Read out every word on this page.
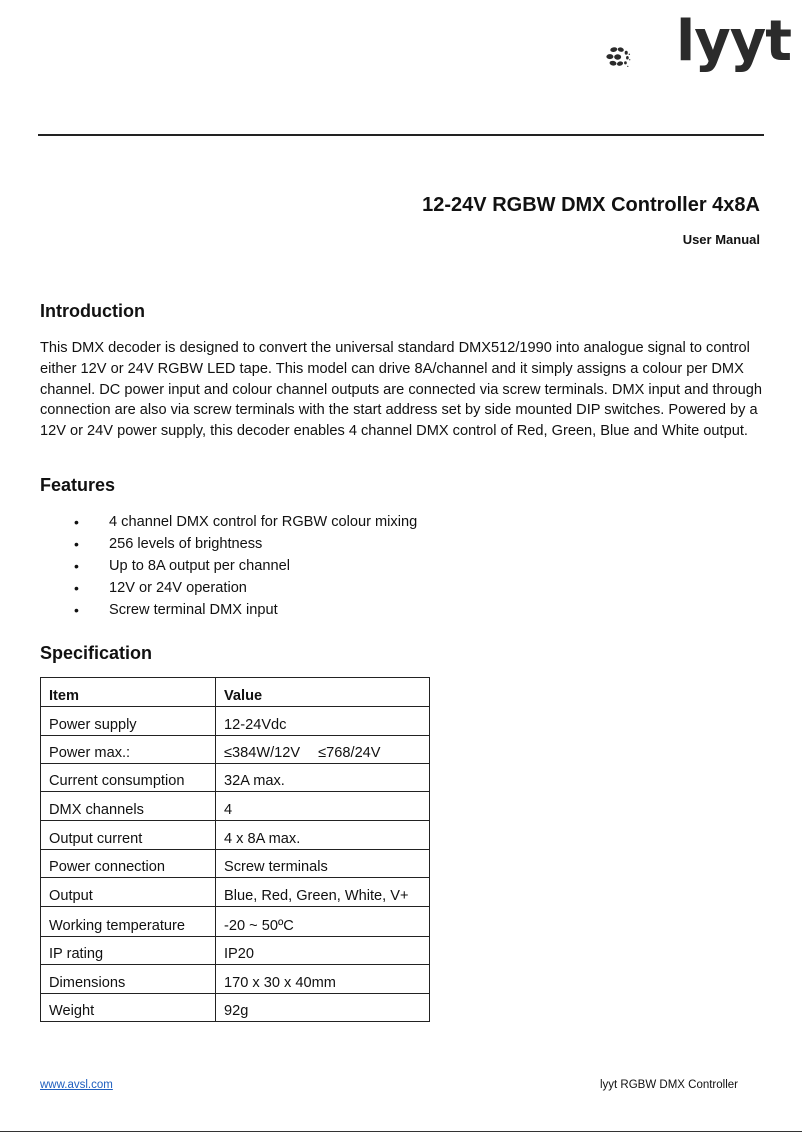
lyyt
12-24V RGBW DMX Controller 4x8A
User Manual
Introduction
This DMX decoder is designed to convert the universal standard DMX512/1990 into analogue signal to control either 12V or 24V RGBW LED tape. This model can drive 8A/channel and it simply assigns a colour per DMX channel. DC power input and colour channel outputs are connected via screw terminals. DMX input and through connection are also via screw terminals with the start address set by side mounted DIP switches. Powered by a 12V or 24V power supply, this decoder enables 4 channel DMX control of Red, Green, Blue and White output.
Features
• 4 channel DMX control for RGBW colour mixing
• 256 levels of brightness
• Up to 8A output per channel
• 12V or 24V operation
• Screw terminal DMX input
Specification
Item	Value
Power supply	12-24Vdc
Power max.:	≤384W/12V ≤768/24V
Current consumption	32A max.
DMX channels	4
Output current	4 x 8A max.
Power connection	Screw terminals
Output	Blue, Red, Green, White, V+
Working temperature	-20 ~ 50ºC
IP rating	IP20
Dimensions	170 x 30 x 40mm
Weight	92g
www.avsl.com	lyyt RGBW DMX Controller
